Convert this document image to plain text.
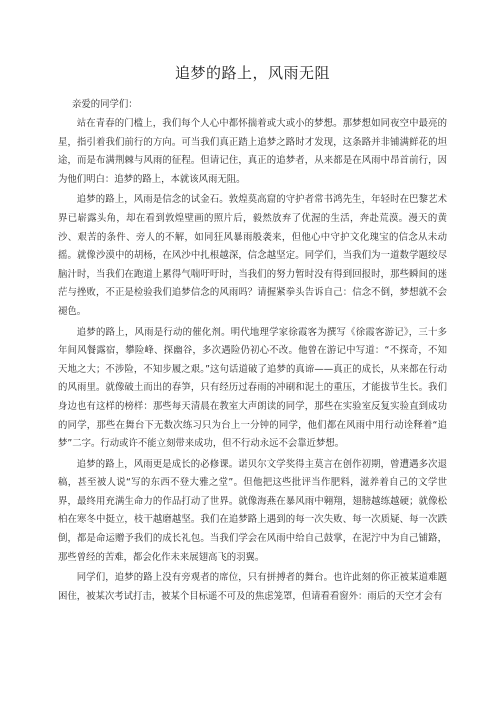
追梦的路上，风雨无阻
亲爱的同学们：

站在青春的门槛上，我们每个人心中都怀揣着或大或小的梦想。那梦想如同夜空中最亮的星，指引着我们前行的方向。可当我们真正踏上追梦之路时才发现，这条路并非铺满鲜花的坦途，而是布满荆棘与风雨的征程。但请记住，真正的追梦者，从来都是在风雨中昂首前行，因为他们明白：追梦的路上，本就该风雨无阻。

追梦的路上，风雨是信念的试金石。敦煌莫高窟的守护者常书鸿先生，年轻时在巴黎艺术界已崭露头角，却在看到敦煌壁画的照片后，毅然放弃了优渥的生活，奔赴荒漠。漫天的黄沙、艰苦的条件、旁人的不解，如同狂风暴雨般袭来，但他心中守护文化瑰宝的信念从未动摇。就像沙漠中的胡杨，在风沙中扎根越深，信念越坚定。同学们，当我们为一道数学题绞尽脑汁时，当我们在跑道上累得气喘吁吁时，当我们的努力暂时没有得到回报时，那些瞬间的迷茫与挫败，不正是检验我们追梦信念的风雨吗？请握紧拳头告诉自己：信念不倒，梦想就不会褪色。

追梦的路上，风雨是行动的催化剂。明代地理学家徐霞客为撰写《徐霞客游记》，三十多年间风餐露宿，攀险峰、探幽谷，多次遇险仍初心不改。他曾在游记中写道：“不探奇，不知天地之大；不涉险，不知步履之艰。”这句话道破了追梦的真谛——真正的成长，从来都在行动的风雨里。就像破土而出的春笋，只有经历过春雨的冲刷和泥土的重压，才能拔节生长。我们身边也有这样的榜样：那些每天清晨在教室大声朗读的同学，那些在实验室反复实验直到成功的同学，那些在舞台下无数次练习只为台上一分钟的同学，他们都在风雨中用行动诠释着“追梦”二字。行动或许不能立刻带来成功，但不行动永远不会靠近梦想。

追梦的路上，风雨更是成长的必修课。诺贝尔文学奖得主莫言在创作初期，曾遭遇多次退稿，甚至被人说“写的东西不登大雅之堂”。但他把这些批评当作肥料，滋养着自己的文学世界，最终用充满生命力的作品打动了世界。就像海燕在暴风雨中翱翔，翅膀越练越硬；就像松柏在寒冬中挺立，枝干越磨越坚。我们在追梦路上遇到的每一次失败、每一次质疑、每一次跌倒，都是命运赠予我们的成长礼包。当我们学会在风雨中给自己鼓掌，在泥泞中为自己铺路，那些曾经的苦难，都会化作未来展翅高飞的羽翼。

同学们，追梦的路上没有旁观者的席位，只有拼搏者的舞台。也许此刻的你正被某道难题困住，被某次考试打击，被某个目标遥不可及的焦虑笼罩，但请看看窗外：雨后的天空才会有
